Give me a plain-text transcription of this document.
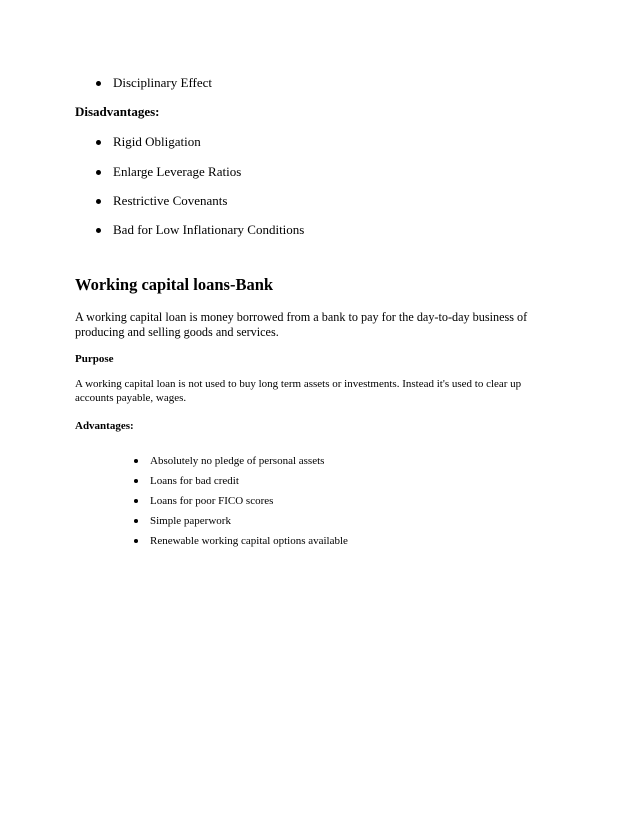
Disciplinary Effect
Disadvantages:
Rigid Obligation
Enlarge Leverage Ratios
Restrictive Covenants
Bad for Low Inflationary Conditions
Working capital loans-Bank
A working capital loan is money borrowed from a bank to pay for the day-to-day business of
producing and selling goods and services.
Purpose
A working capital loan is not used to buy long term assets or investments. Instead it's used to clear up
accounts payable, wages.
Advantages:
Absolutely no pledge of personal assets
Loans for bad credit
Loans for poor FICO scores
Simple paperwork
Renewable working capital options available
